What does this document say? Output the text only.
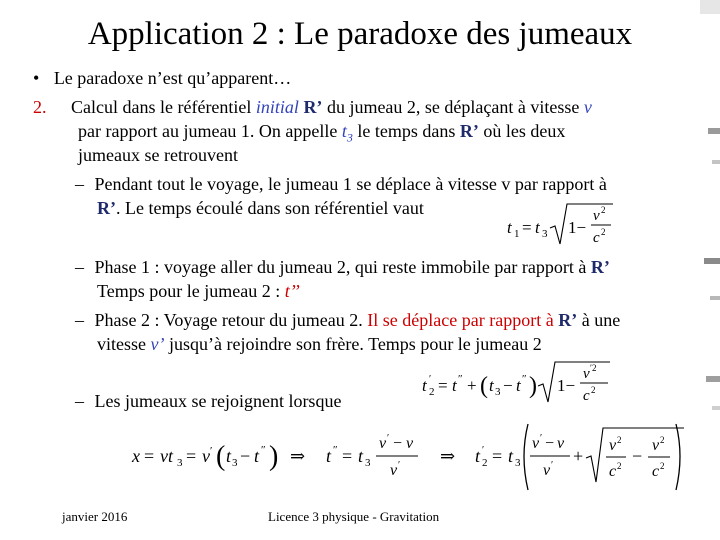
Application 2 : Le paradoxe des jumeaux
• Le paradoxe n’est qu’apparent…
2. Calcul dans le référentiel initial R’ du jumeau 2, se déplaçant à vitesse v
par rapport au jumeau 1. On appelle $t_3$ le temps dans R’ où les deux
jumeaux se retrouvent
– Pendant tout le voyage, le jumeau 1 se déplace à vitesse v par rapport à
R’. Le temps écoulé dans son référentiel vaut
t 1 = t 3 1−
v 2
c 2
– Phase 1 : voyage aller du jumeau 2, qui reste immobile par rapport à R’
Temps pour le jumeau 2 : t’’
– Phase 2 : Voyage retour du jumeau 2. Il se déplace par rapport à R’ à une
vitesse v’ jusqu’à rejoindre son frère. Temps pour le jumeau 2
t ′
2 = t ″ + ( t 3 − t ″ ) 1−
v ′2
c 2
– Les jumeaux se rejoignent lorsque
x = vt 3 = v ′ ( t 3 − t ″ ) ⇒ t ″ = t 3
v ′ − v
v ′ ⇒ t ′
2 = t 3
v ′ − v
v ′ +
v 2
c 2 −
v 2
c 2
janvier 2016	Licence 3 physique - Gravitation
